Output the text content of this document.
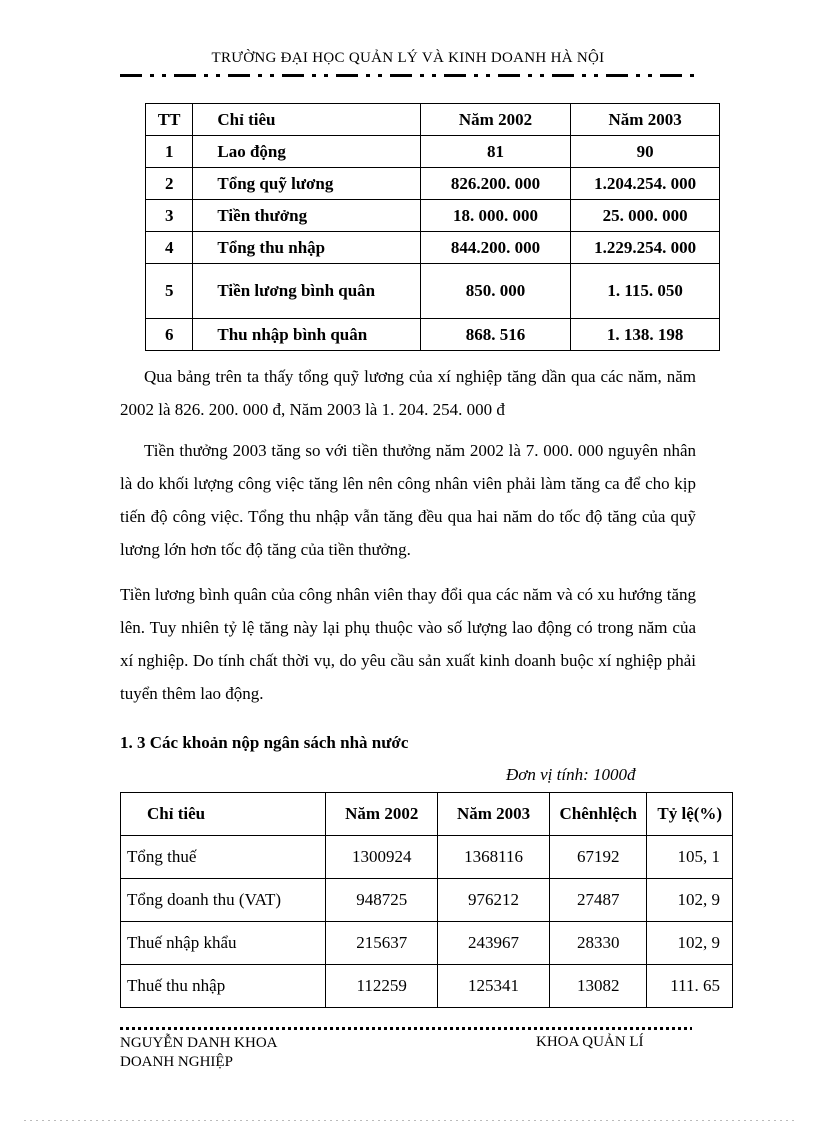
TRƯỜNG ĐẠI HỌC QUẢN LÝ VÀ KINH DOANH HÀ NỘI
TT	Chỉ tiêu	Năm 2002	Năm 2003
1	Lao động	81	90
2	Tổng quỹ lương	826.200. 000	1.204.254. 000
3	Tiền thưởng	18. 000. 000	25. 000. 000
4	Tổng thu nhập	844.200. 000	1.229.254. 000
5	Tiền lương bình quân	850. 000	1. 115. 050
6	Thu nhập bình quân	868. 516	1. 138. 198
Qua bảng trên ta thấy tổng quỹ lương của xí nghiệp tăng dần qua các năm, năm 2002 là 826. 200. 000 đ, Năm 2003 là 1. 204. 254. 000 đ
Tiền thưởng 2003 tăng so với tiền thưởng năm 2002 là 7. 000. 000 nguyên nhân là do khối lượng công việc tăng lên nên công nhân viên phải làm tăng ca để cho kịp tiến độ công việc. Tổng thu nhập vẫn tăng đều qua hai năm do tốc độ tăng của quỹ lương lớn hơn tốc độ tăng của tiền thưởng.
Tiền lương bình quân của công nhân viên thay đổi qua các năm và có xu hướng tăng lên. Tuy nhiên tỷ lệ tăng này lại phụ thuộc vào số lượng lao động có trong năm của xí nghiệp. Do tính chất thời vụ, do yêu cầu sản xuất kinh doanh buộc xí nghiệp phải tuyển thêm lao động.
1. 3 Các khoản nộp ngân sách nhà nước
Đơn vị tính: 1000đ
Chỉ tiêu	Năm 2002	Năm 2003	Chênhlệch	Tỷ lệ(%)
Tổng thuế	1300924	1368116	67192	105, 1
Tổng doanh thu (VAT)	948725	976212	27487	102, 9
Thuế nhập khẩu	215637	243967	28330	102, 9
Thuế thu nhập	112259	125341	13082	111. 65
NGUYỄN DANH KHOA
DOANH NGHIỆP
KHOA QUẢN LÍ
